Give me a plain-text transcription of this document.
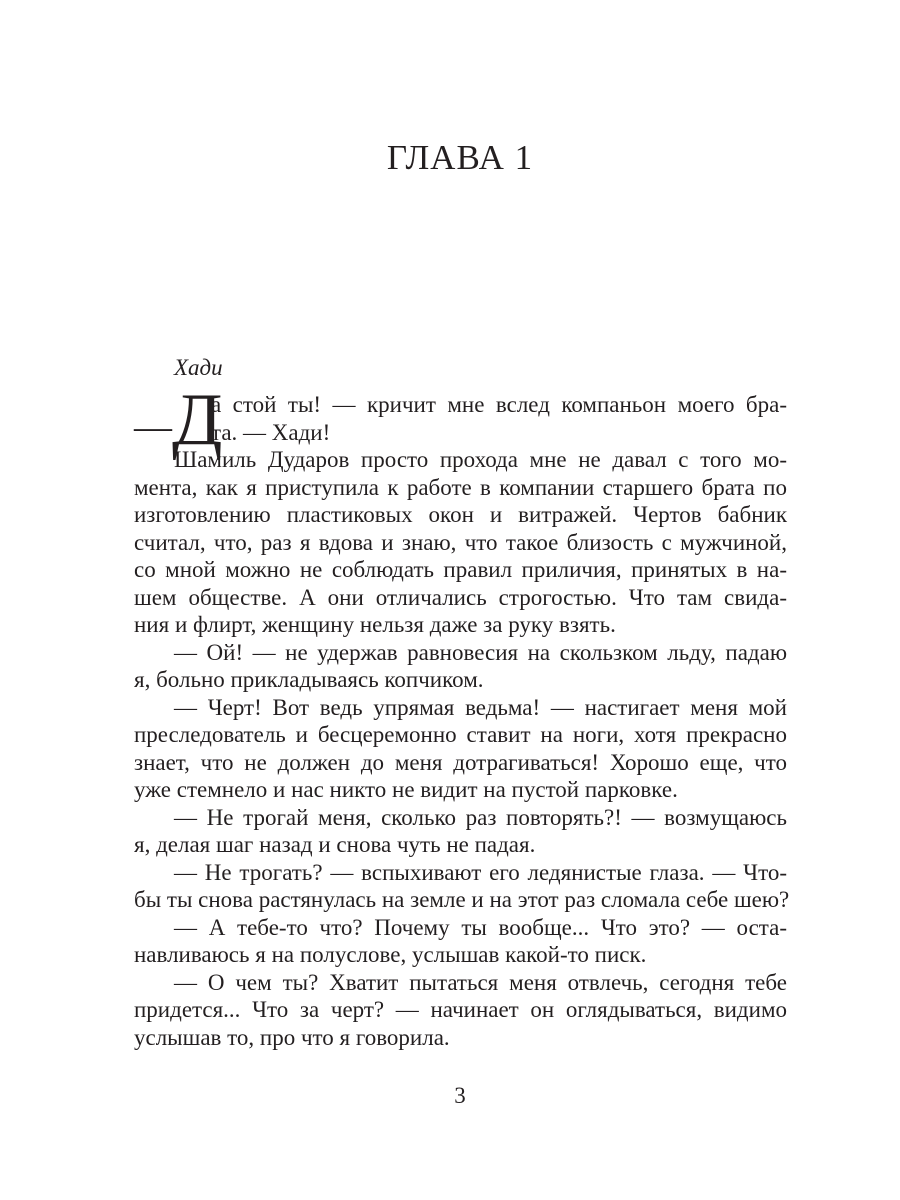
ГЛАВА 1
Хади
— Д
а стой ты! — кричит мне вслед компаньон моего бра-
та. — Хади!
Шамиль Дударов просто прохода мне не давал с того мо-
мента, как я приступила к работе в компании старшего брата по
изготовлению пластиковых окон и витражей. Чертов бабник
считал, что, раз я вдова и знаю, что такое близость с мужчиной,
со мной можно не соблюдать правил приличия, принятых в на-
шем обществе. А они отличались строгостью. Что там свида-
ния и флирт, женщину нельзя даже за руку взять.
— Ой! — не удержав равновесия на скользком льду, падаю
я, больно прикладываясь копчиком.
— Черт! Вот ведь упрямая ведьма! — настигает меня мой
преследователь и бесцеремонно ставит на ноги, хотя прекрасно
знает, что не должен до меня дотрагиваться! Хорошо еще, что
уже стемнело и нас никто не видит на пустой парковке.
— Не трогай меня, сколько раз повторять?! — возмущаюсь
я, делая шаг назад и снова чуть не падая.
— Не трогать? — вспыхивают его ледянистые глаза. — Что-
бы ты снова растянулась на земле и на этот раз сломала себе шею?
— А тебе-то что? Почему ты вообще... Что это? — оста-
навливаюсь я на полуслове, услышав какой-то писк.
— О чем ты? Хватит пытаться меня отвлечь, сегодня тебе
придется... Что за черт? — начинает он оглядываться, видимо
услышав то, про что я говорила.
3
